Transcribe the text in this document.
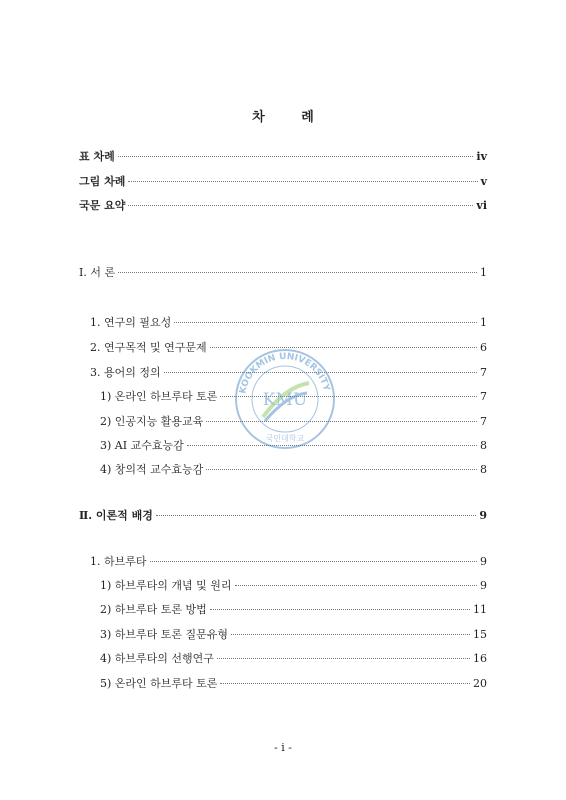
차 례
표 차례	iv
그림 차례	v
국문 요약	vi
Ⅰ. 서 론	1
1. 연구의 필요성	1
2. 연구목적 및 연구문제	6
3. 용어의 정의	7
1) 온라인 하브루타 토론	7
2) 인공지능 활용교육	7
3) AI 교수효능감	8
4) 창의적 교수효능감	8
Ⅱ. 이론적 배경	9
1. 하브루타	9
1) 하브루타의 개념 및 원리	9
2) 하브루타 토론 방법	11
3) 하브루타 토론 질문유형	15
4) 하브루타의 선행연구	16
5) 온라인 하브루타 토론	20
KOOKMIN UNIVERSITY
KMU
국민대학교
- i -
